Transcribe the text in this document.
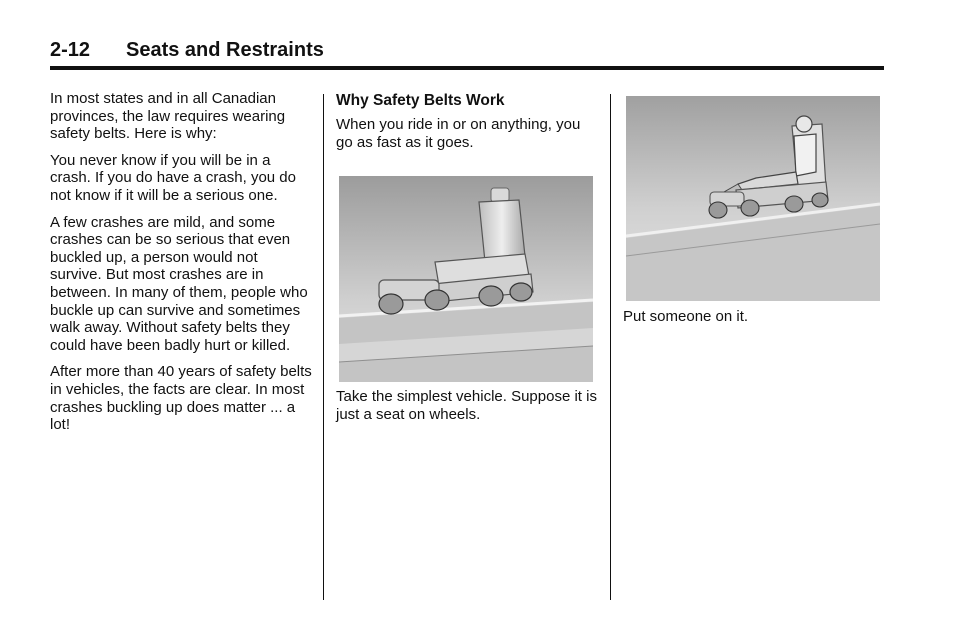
2-12 Seats and Restraints

In most states and in all Canadian provinces, the law requires wearing safety belts. Here is why:

You never know if you will be in a crash. If you do have a crash, you do not know if it will be a serious one.

A few crashes are mild, and some crashes can be so serious that even buckled up, a person would not survive. But most crashes are in between. In many of them, people who buckle up can survive and sometimes walk away. Without safety belts they could have been badly hurt or killed.

After more than 40 years of safety belts in vehicles, the facts are clear. In most crashes buckling up does matter ... a lot!

Why Safety Belts Work

When you ride in or on anything, you go as fast as it goes.

Take the simplest vehicle. Suppose it is just a seat on wheels.

Put someone on it.
